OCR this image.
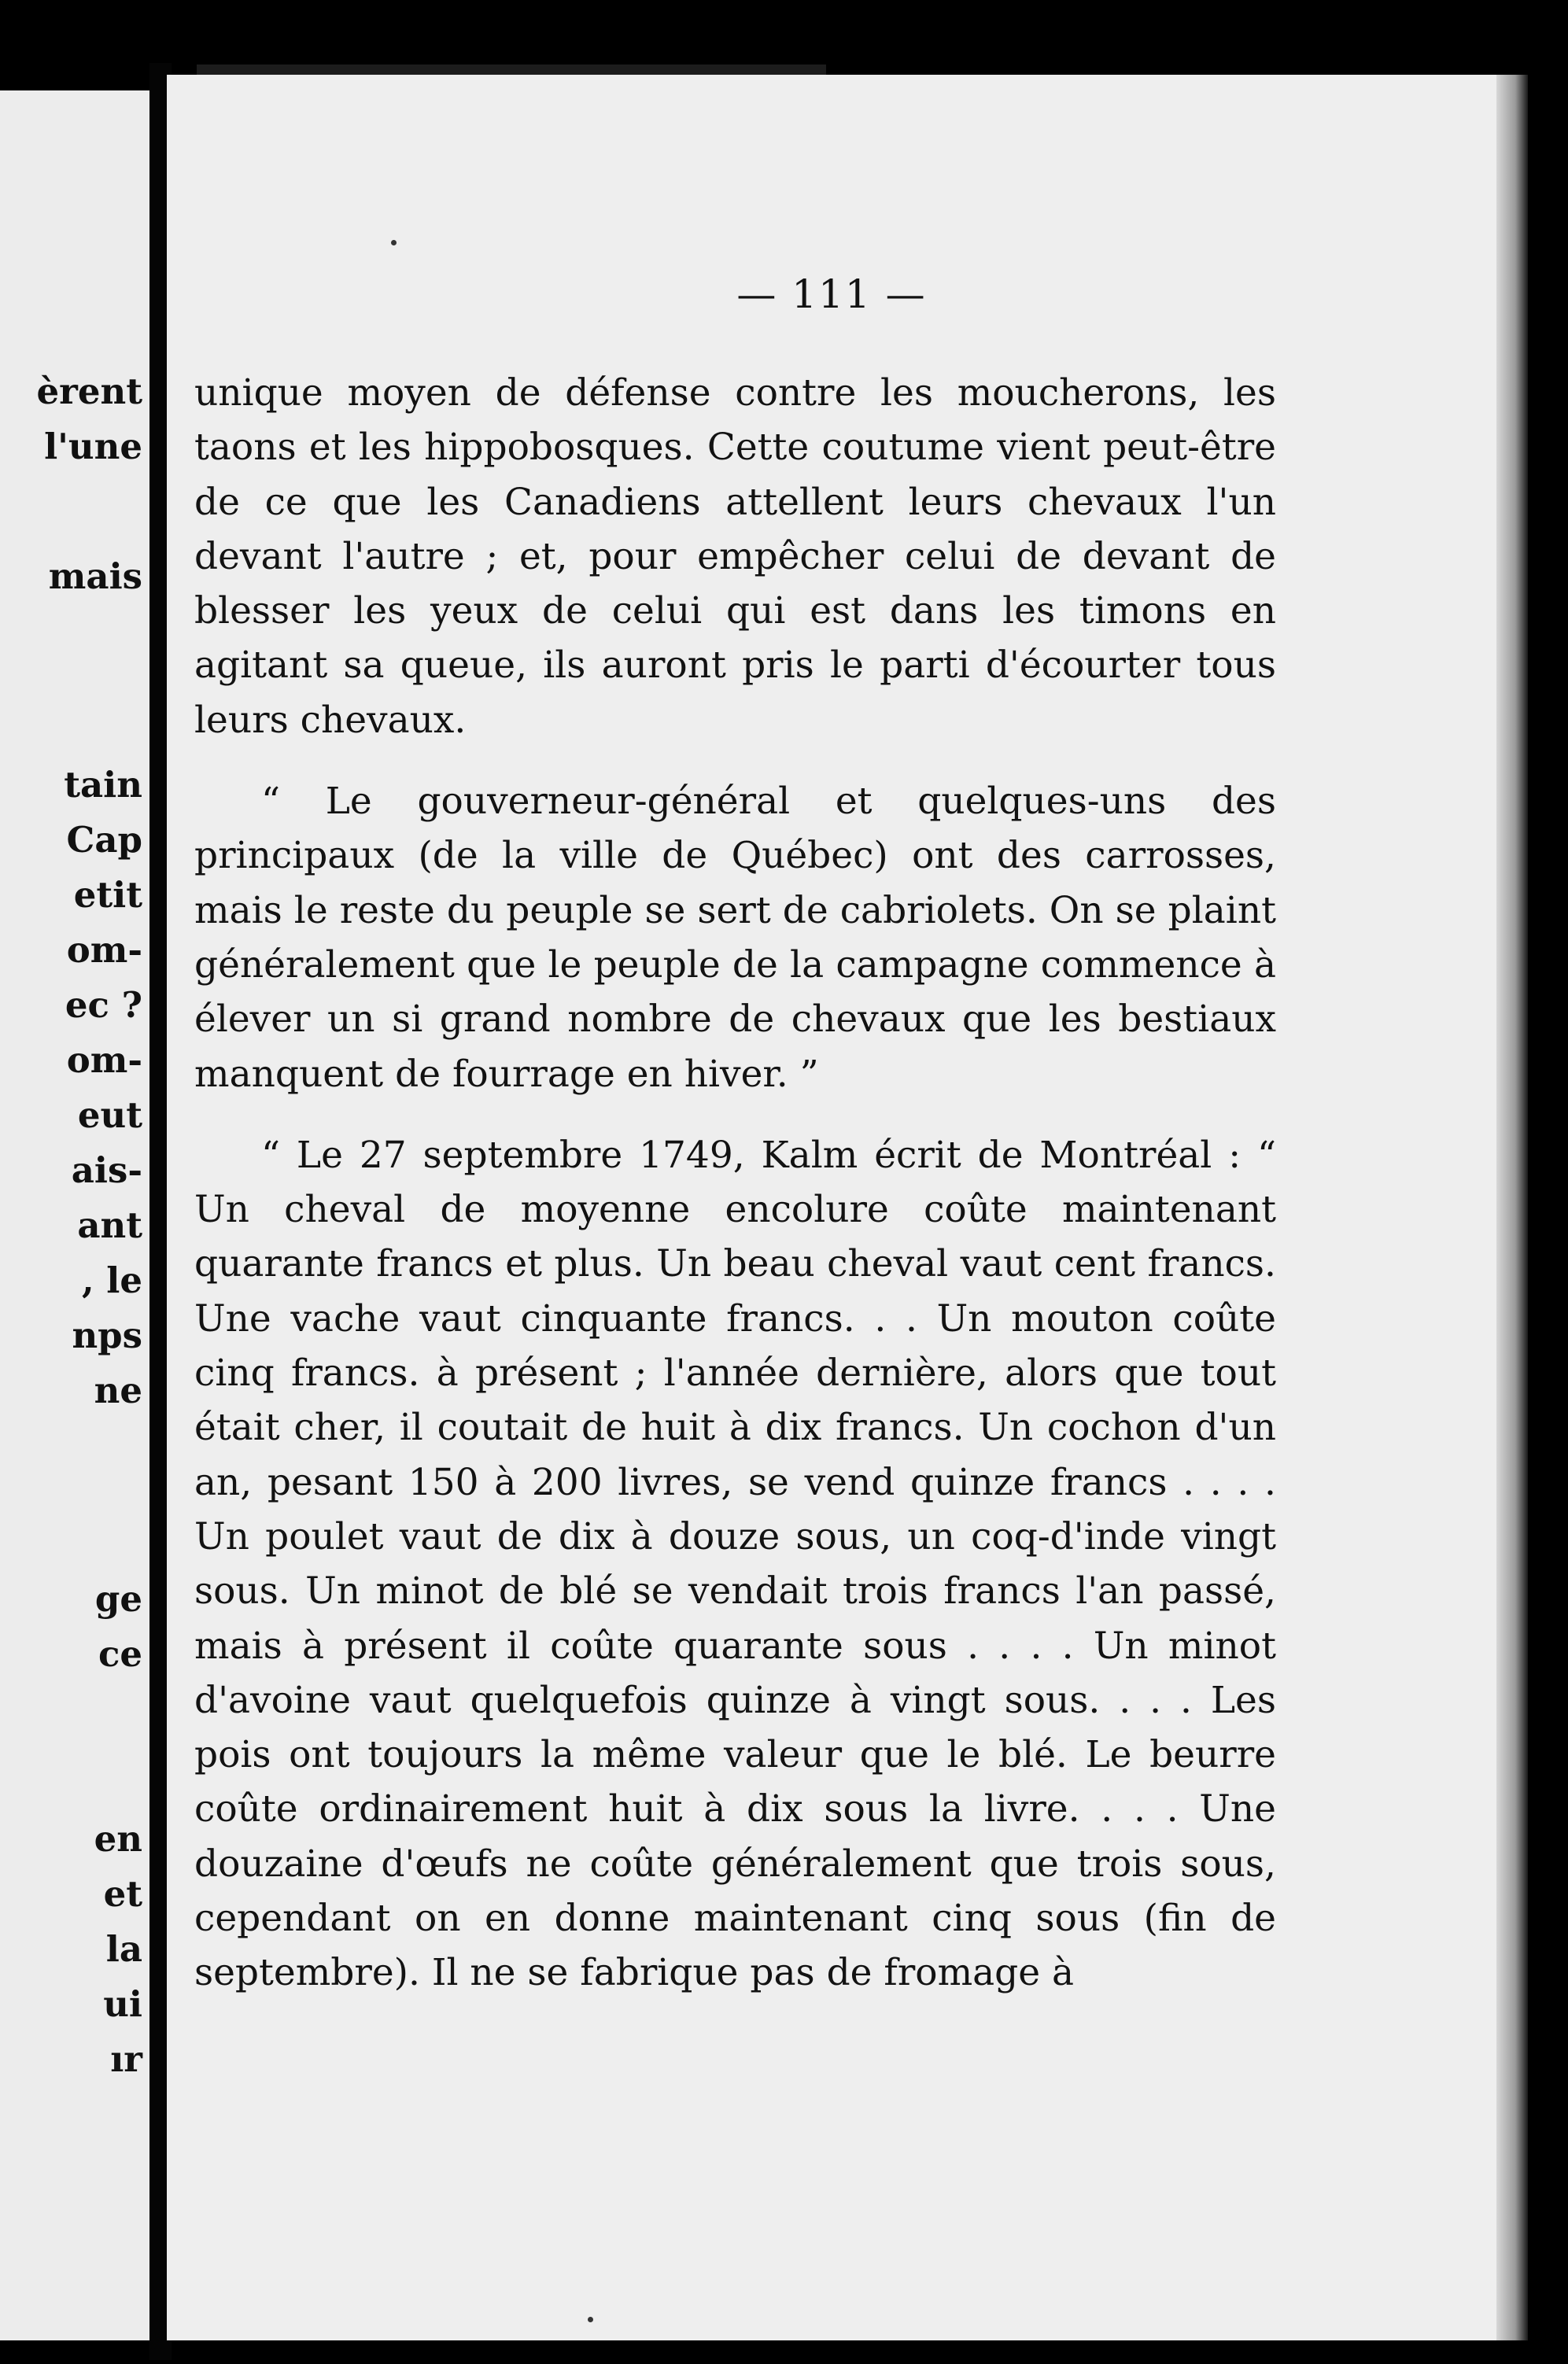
èrent
l'une
mais
tain
Cap
etit
om-
ec ?
om-
eut
ais-
ant
, le
nps
ne
ge
ce
en
et
la
ui
ır
— 111 —

unique moyen de défense contre les moucherons, les taons et les hippobosques. Cette coutume vient peut-être de ce que les Canadiens attellent leurs chevaux l'un devant l'autre ; et, pour empêcher celui de devant de blesser les yeux de celui qui est dans les timons en agitant sa queue, ils auront pris le parti d'écourter tous leurs chevaux.

“ Le gouverneur-général et quelques-uns des principaux (de la ville de Québec) ont des carrosses, mais le reste du peuple se sert de cabriolets. On se plaint généralement que le peuple de la campagne commence à élever un si grand nombre de chevaux que les bestiaux manquent de fourrage en hiver. ”

“ Le 27 septembre 1749, Kalm écrit de Montréal : “ Un cheval de moyenne encolure coûte maintenant quarante francs et plus. Un beau cheval vaut cent francs. Une vache vaut cinquante francs. . . Un mouton coûte cinq francs. à présent ; l'année dernière, alors que tout était cher, il coutait de huit à dix francs. Un cochon d'un an, pesant 150 à 200 livres, se vend quinze francs . . . . Un poulet vaut de dix à douze sous, un coq-d'inde vingt sous. Un minot de blé se vendait trois francs l'an passé, mais à présent il coûte quarante sous . . . . Un minot d'avoine vaut quelquefois quinze à vingt sous. . . . Les pois ont toujours la même valeur que le blé. Le beurre coûte ordinairement huit à dix sous la livre. . . . Une douzaine d'œufs ne coûte généralement que trois sous, cependant on en donne maintenant cinq sous (fin de septembre). Il ne se fabrique pas de fromage à
